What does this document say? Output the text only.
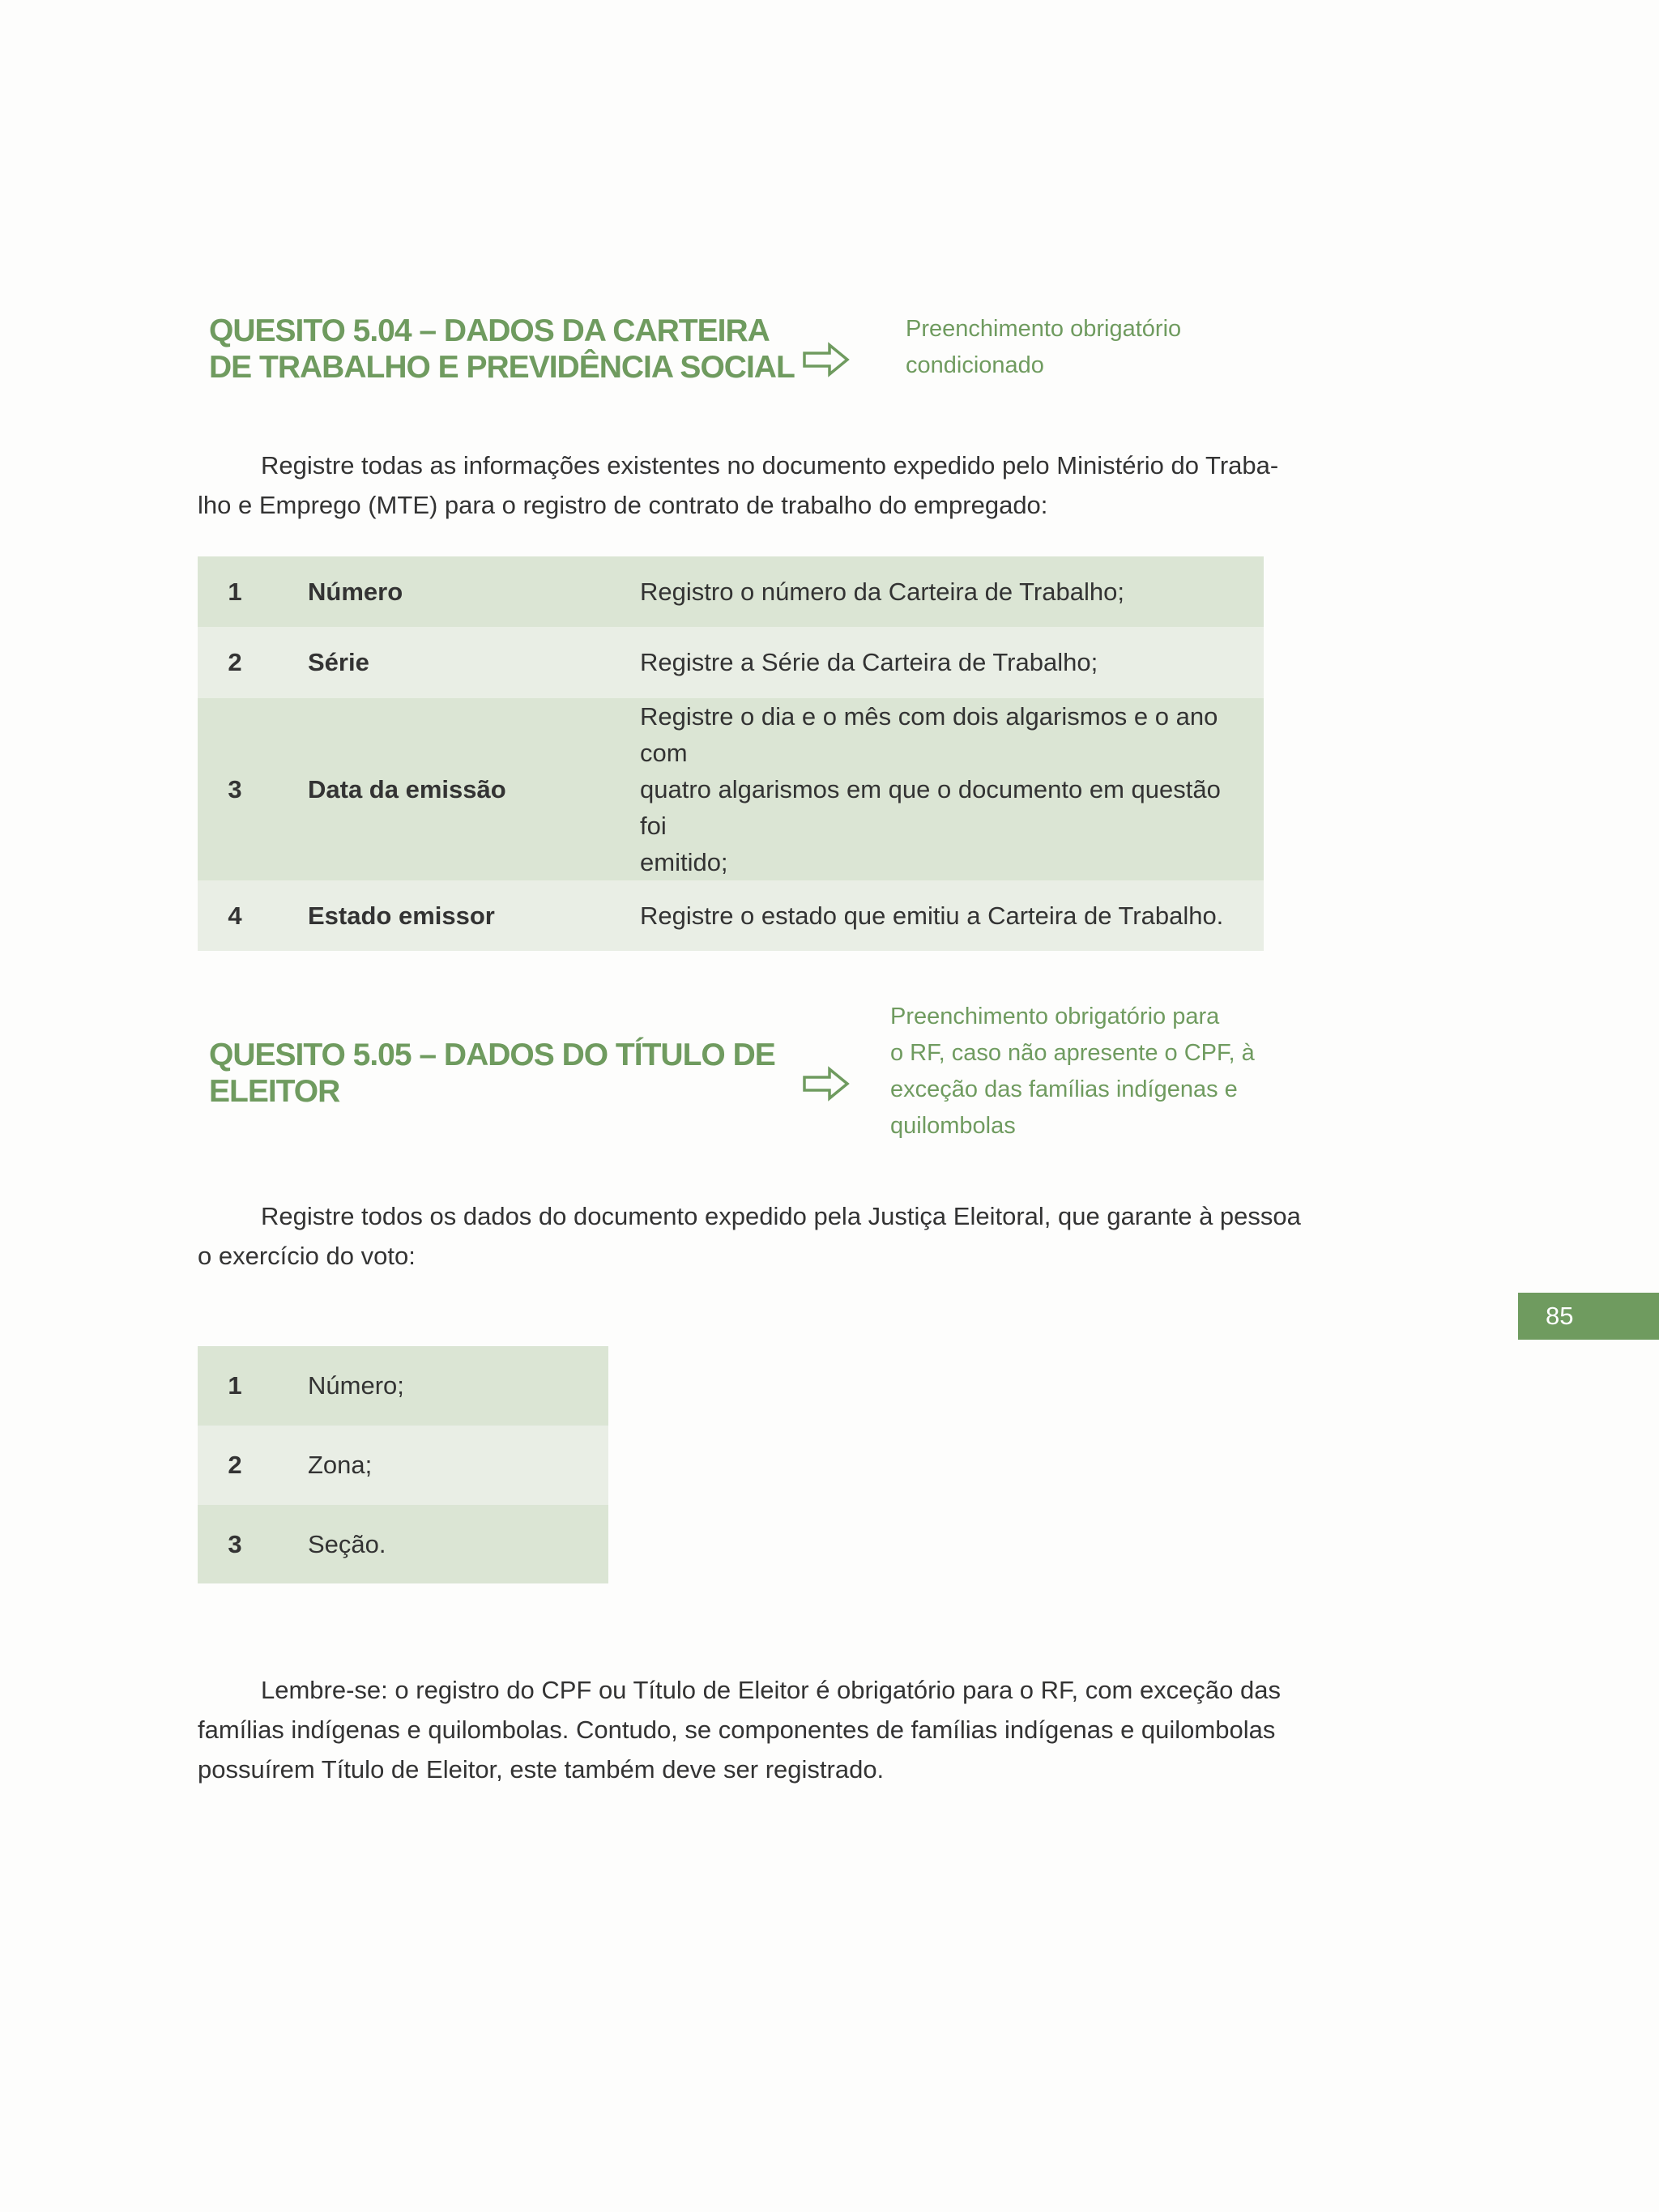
QUESITO 5.04 – DADOS DA CARTEIRA
DE TRABALHO E PREVIDÊNCIA SOCIAL
Preenchimento obrigatório
condicionado
Registre todas as informações existentes no documento expedido pelo Ministério do Traba-
lho e Emprego (MTE) para o registro de contrato de trabalho do empregado:
1	Número	Registro o número da Carteira de Trabalho;
2	Série	Registre a Série da Carteira de Trabalho;
3	Data da emissão	Registre o dia e o mês com dois algarismos e o ano com
quatro algarismos em que o documento em questão foi
emitido;

4	Estado emissor	Registre o estado que emitiu a Carteira de Trabalho.
QUESITO 5.05 – DADOS DO TÍTULO DE
ELEITOR
Preenchimento obrigatório para
o RF, caso não apresente o CPF, à
exceção das famílias indígenas e
quilombolas
Registre todos os dados do documento expedido pela Justiça Eleitoral, que garante à pessoa
o exercício do voto:
1	Número;
2	Zona;
3	Seção.
Lembre-se: o registro do CPF ou Título de Eleitor é obrigatório para o RF, com exceção das
famílias indígenas e quilombolas. Contudo, se componentes de famílias indígenas e quilombolas
possuírem Título de Eleitor, este também deve ser registrado.
85
